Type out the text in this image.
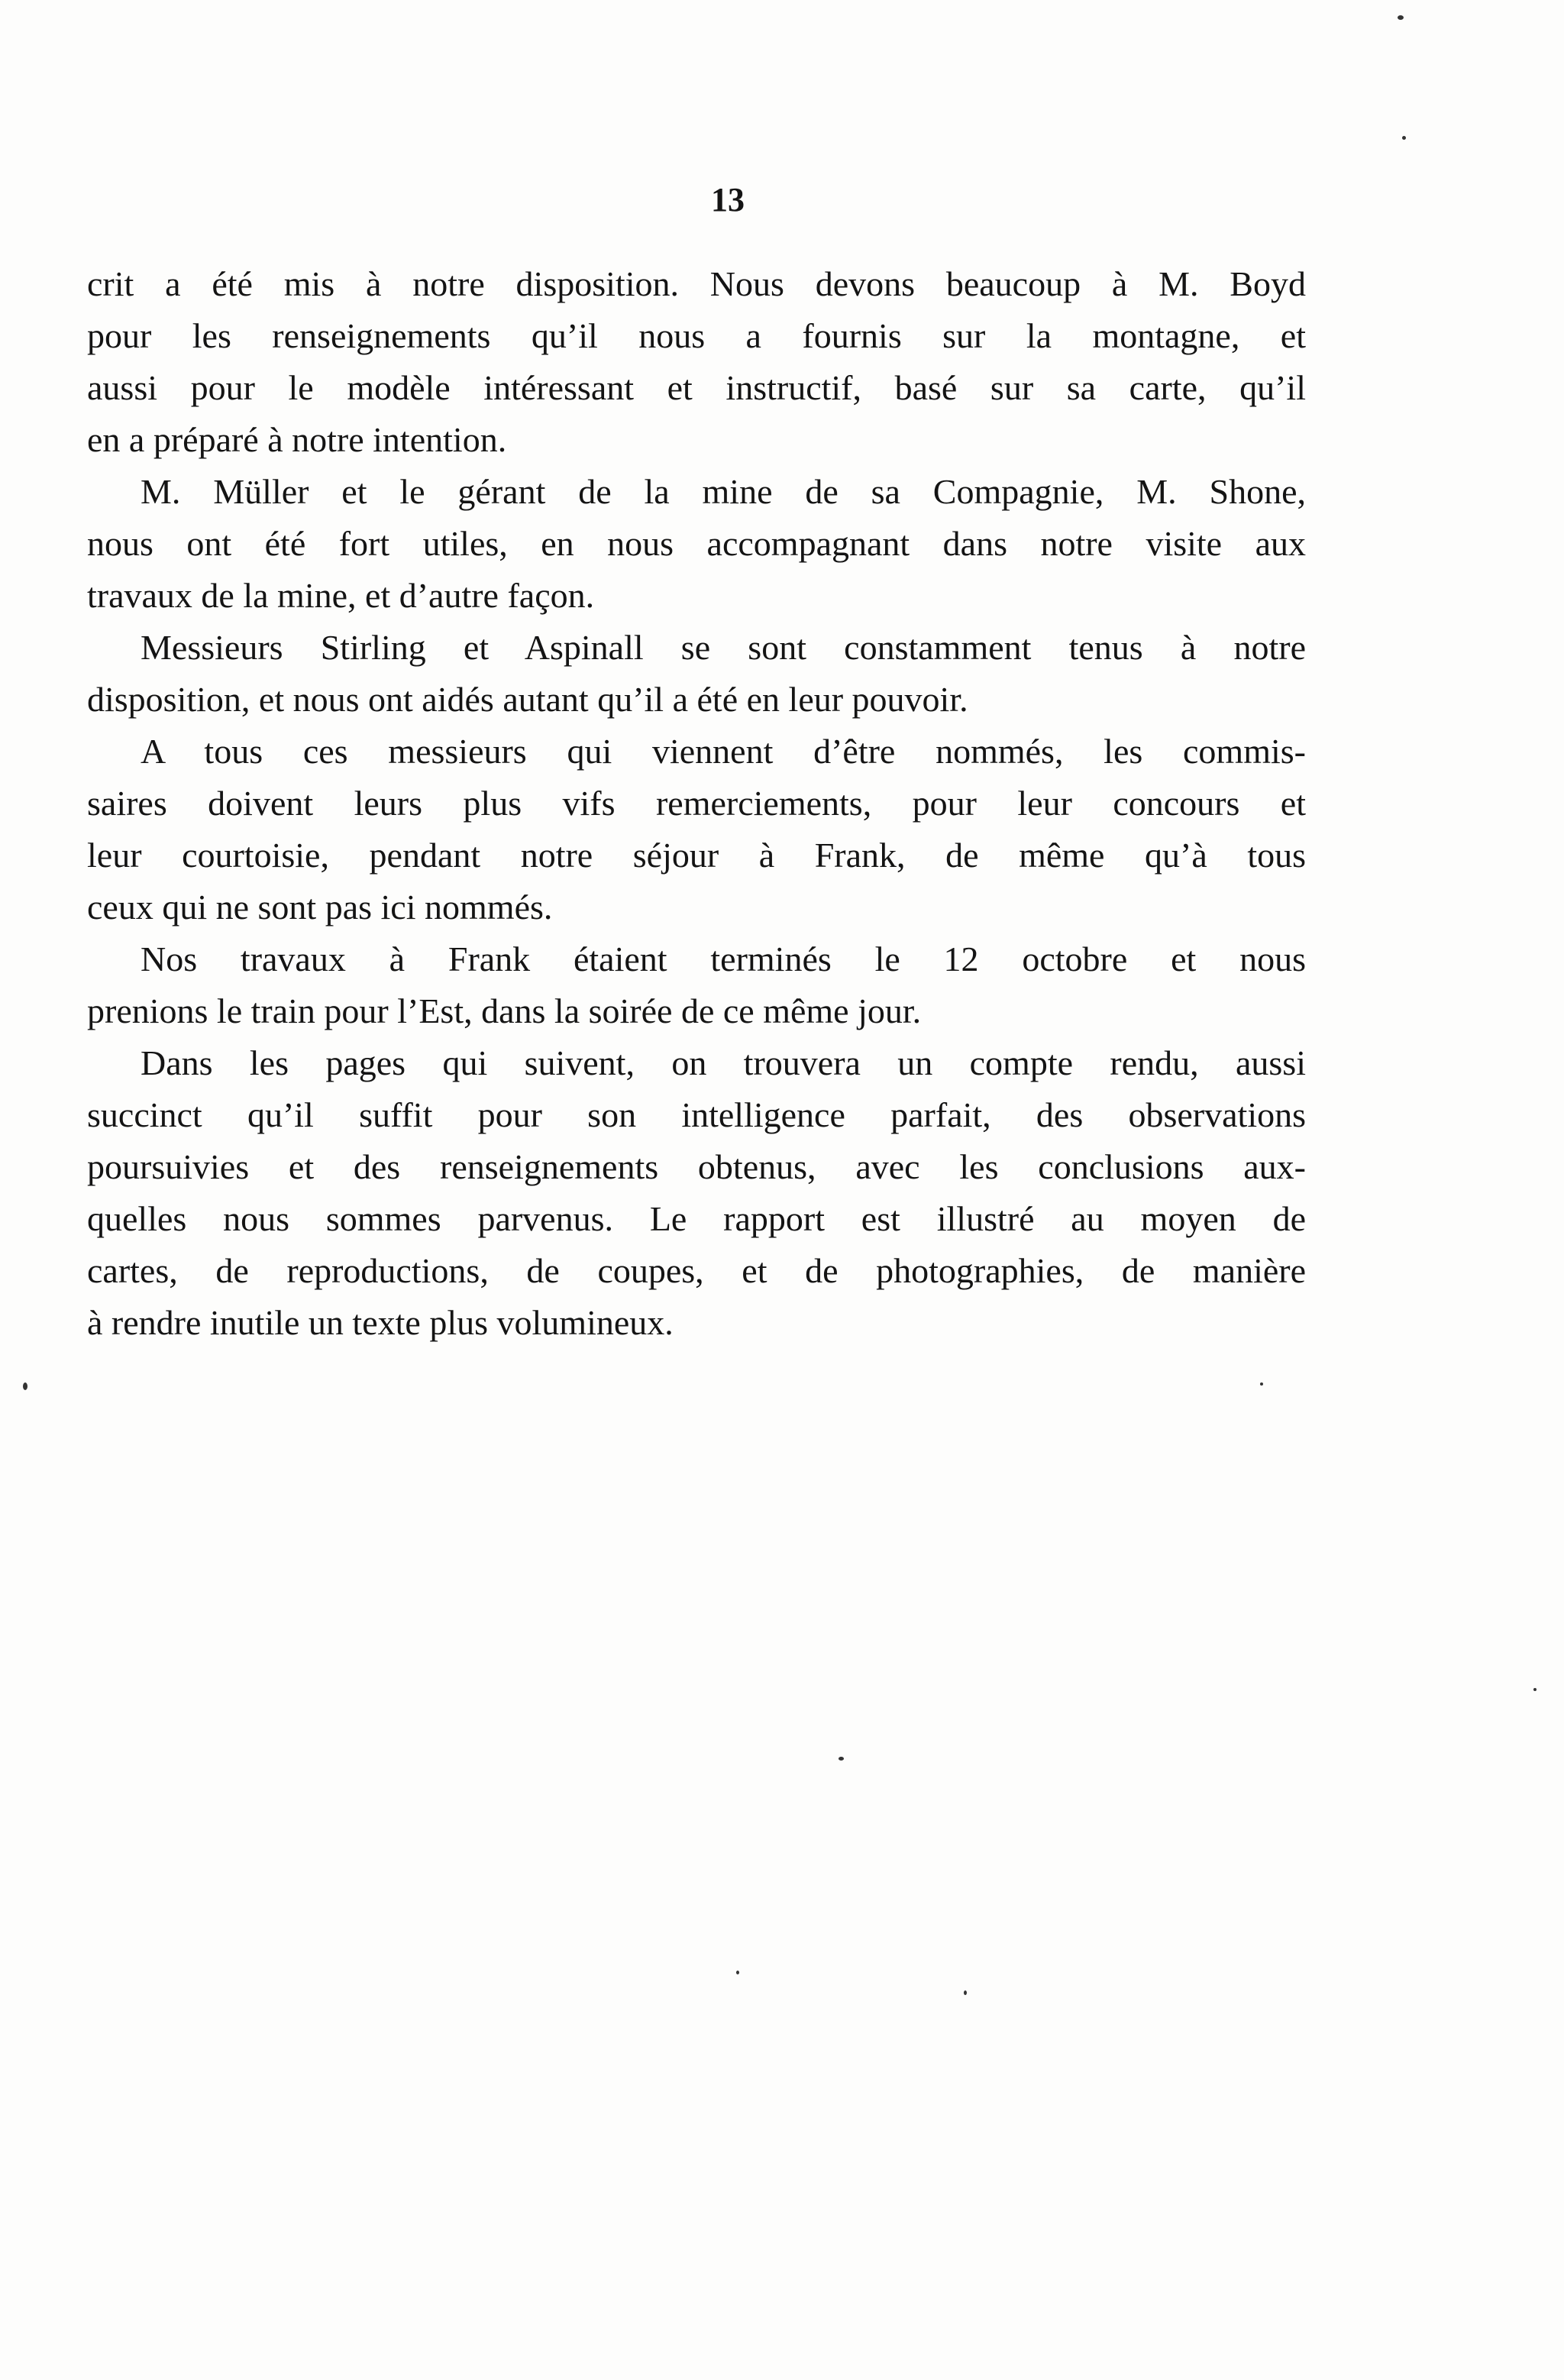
13
crit a été mis à notre disposition. Nous devons beaucoup à M. Boyd
pour les renseignements qu’il nous a fournis sur la montagne, et
aussi pour le modèle intéressant et instructif, basé sur sa carte, qu’il
en a préparé à notre intention.
M. Müller et le gérant de la mine de sa Compagnie, M. Shone,
nous ont été fort utiles, en nous accompagnant dans notre visite aux
travaux de la mine, et d’autre façon.
Messieurs Stirling et Aspinall se sont constamment tenus à notre
disposition, et nous ont aidés autant qu’il a été en leur pouvoir.
A tous ces messieurs qui viennent d’être nommés, les commis-
saires doivent leurs plus vifs remerciements, pour leur concours et
leur courtoisie, pendant notre séjour à Frank, de même qu’à tous
ceux qui ne sont pas ici nommés.
Nos travaux à Frank étaient terminés le 12 octobre et nous
prenions le train pour l’Est, dans la soirée de ce même jour.
Dans les pages qui suivent, on trouvera un compte rendu, aussi
succinct qu’il suffit pour son intelligence parfait, des observations
poursuivies et des renseignements obtenus, avec les conclusions aux-
quelles nous sommes parvenus. Le rapport est illustré au moyen de
cartes, de reproductions, de coupes, et de photographies, de manière
à rendre inutile un texte plus volumineux.
